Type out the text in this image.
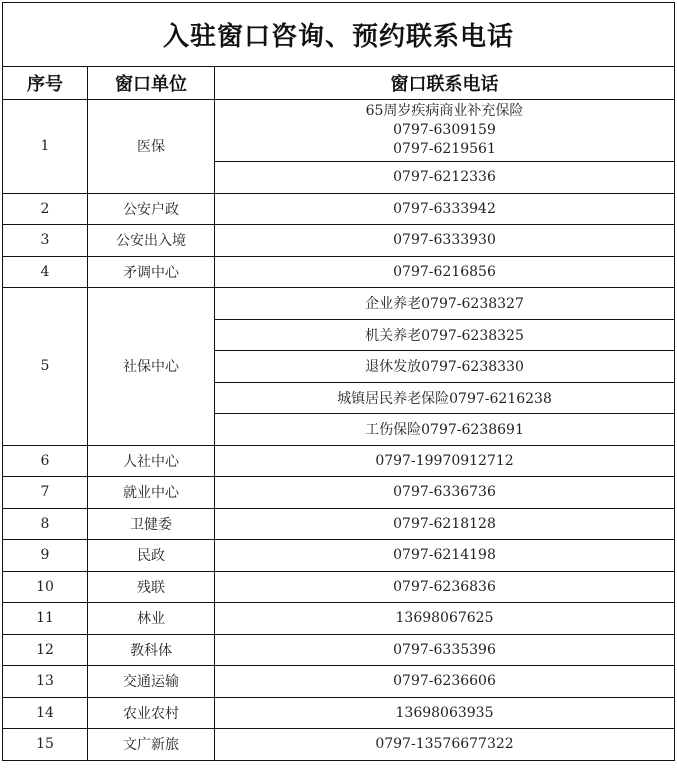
入驻窗口咨询、预约联系电话		
序号	窗口单位	窗口联系电话
1	医保	65周岁疾病商业补充保险
0797-6309159
0797-6219561

		0797-6212336
2	公安户政	0797-6333942
3	公安出入境	0797-6333930
4	矛调中心	0797-6216856
5	社保中心	企业养老0797-6238327
		机关养老0797-6238325
		退休发放0797-6238330
		城镇居民养老保险0797-6216238
		工伤保险0797-6238691
6	人社中心	0797-19970912712
7	就业中心	0797-6336736
8	卫健委	0797-6218128
9	民政	0797-6214198
10	残联	0797-6236836
11	林业	13698067625
12	教科体	0797-6335396
13	交通运输	0797-6236606
14	农业农村	13698063935
15	文广新旅	0797-13576677322
